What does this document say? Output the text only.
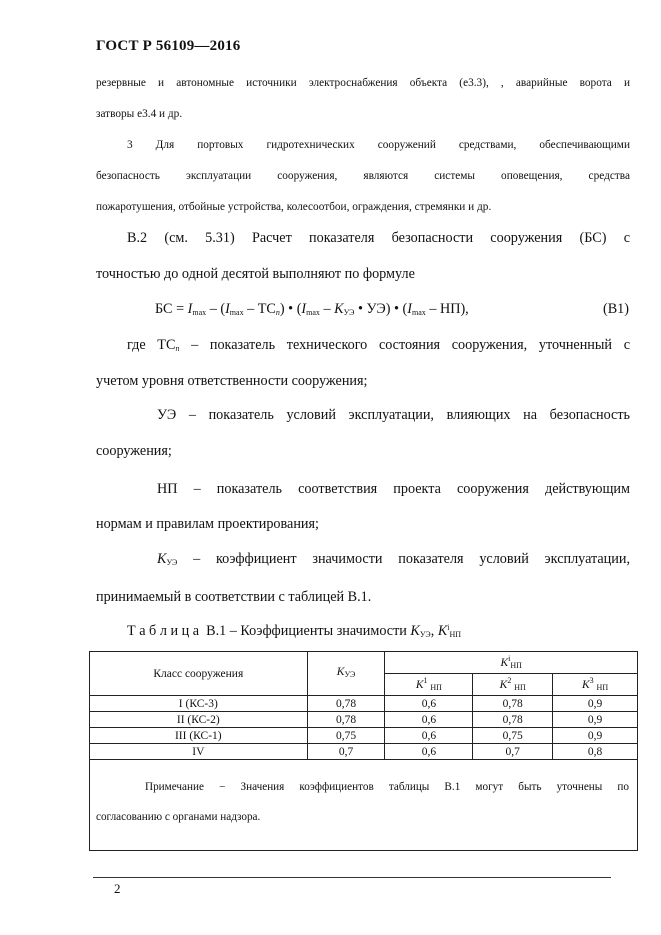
ГОСТ Р 56109—2016
резервные и автономные источники электроснабжения объекта (е3.3), , аварийные ворота и
затворы е3.4 и др.
3 Для портовых гидротехнических сооружений средствами, обеспечивающими
безопасность эксплуатации сооружения, являются системы оповещения, средства
пожаротушения, отбойные устройства, колесоотбои, ограждения, стремянки и др.
В.2 (см. 5.31) Расчет показателя безопасности сооружения (БС) с
точностью до одной десятой выполняют по формуле
БС = $I_{max} - (I_{max} - ТС_n)$ • ($I_{max} - K_{УЭ}$ • УЭ) • $(I_{max} - НП)$,	(В1)
где $ТС_n$ – показатель технического состояния сооружения, уточненный с
учетом уровня ответственности сооружения;
УЭ – показатель условий эксплуатации, влияющих на безопасность
сооружения;
НП – показатель соответствия проекта сооружения действующим
нормам и правилам проектирования;
$K_{УЭ}$ – коэффициент значимости показателя условий эксплуатации,
принимаемый в соответствии с таблицей В.1.
Т а б л и ц а  В.1 – Коэффициенты значимости $K_{УЭ}$, $K^i_{НП}$
Класс сооружения	$K_{УЭ}$	$K^i_{НП}$
		$K^1$ $_{НП}$	$K^2$ $_{НП}$	$K^3$ $_{НП}$
I (КС-3)	0,78	0,6	0,78	0,9
II (КС-2)	0,78	0,6	0,78	0,9
III (КС-1)	0,75	0,6	0,75	0,9
IV	0,7	0,6	0,7	0,8

Примечание − Значения коэффициентов таблицы В.1 могут быть уточнены по
согласованию с органами надзора.				
2
